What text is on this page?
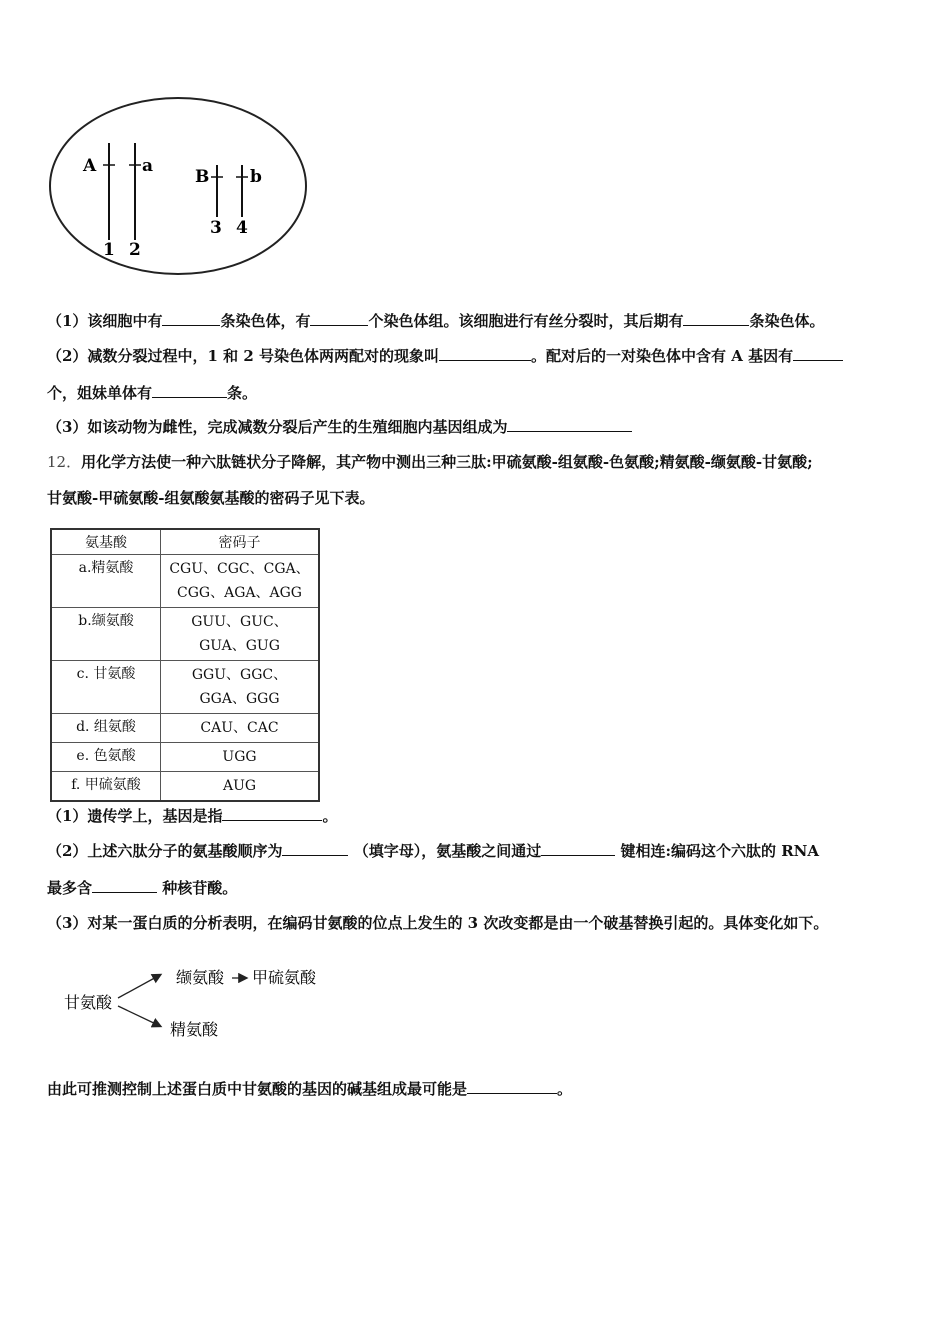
A	a
B b
1 2
3 4
（1）该细胞中有	条染色体，有	个染色体组。该细胞进行有丝分裂时，其后期有	条染色体。
（2）减数分裂过程中，1 和 2 号染色体两两配对的现象叫	。配对后的一对染色体中含有 A 基因有
个，姐妹单体有	条。
（3）如该动物为雌性，完成减数分裂后产生的生殖细胞内基因组成为
12．用化学方法使一种六肽链状分子降解，其产物中测出三种三肽:甲硫氨酸-组氨酸-色氨酸;精氨酸-缬氨酸-甘氨酸;
甘氨酸-甲硫氨酸-组氨酸氨基酸的密码子见下表。
氨基酸	密码子
a.精氨酸	CGU、CGC、CGA、
CGG、AGA、AGG

b.缬氨酸	GUU、GUC、
GUA、GUG

c. 甘氨酸	GGU、GGC、
GGA、GGG

d. 组氨酸	CAU、CAC
e. 色氨酸	UGG
f. 甲硫氨酸	AUG
（1）遗传学上，基因是指	。
（2）上述六肽分子的氨基酸顺序为	（填字母），氨基酸之间通过	键相连:编码这个六肽的 RNA
最多含	种核苷酸。
（3）对某一蛋白质的分析表明，在编码甘氨酸的位点上发生的 3 次改变都是由一个破基替换引起的。具体变化如下。
甘氨酸
缬氨酸 甲硫氨酸
精氨酸
由此可推测控制上述蛋白质中甘氨酸的基因的碱基组成最可能是	。
